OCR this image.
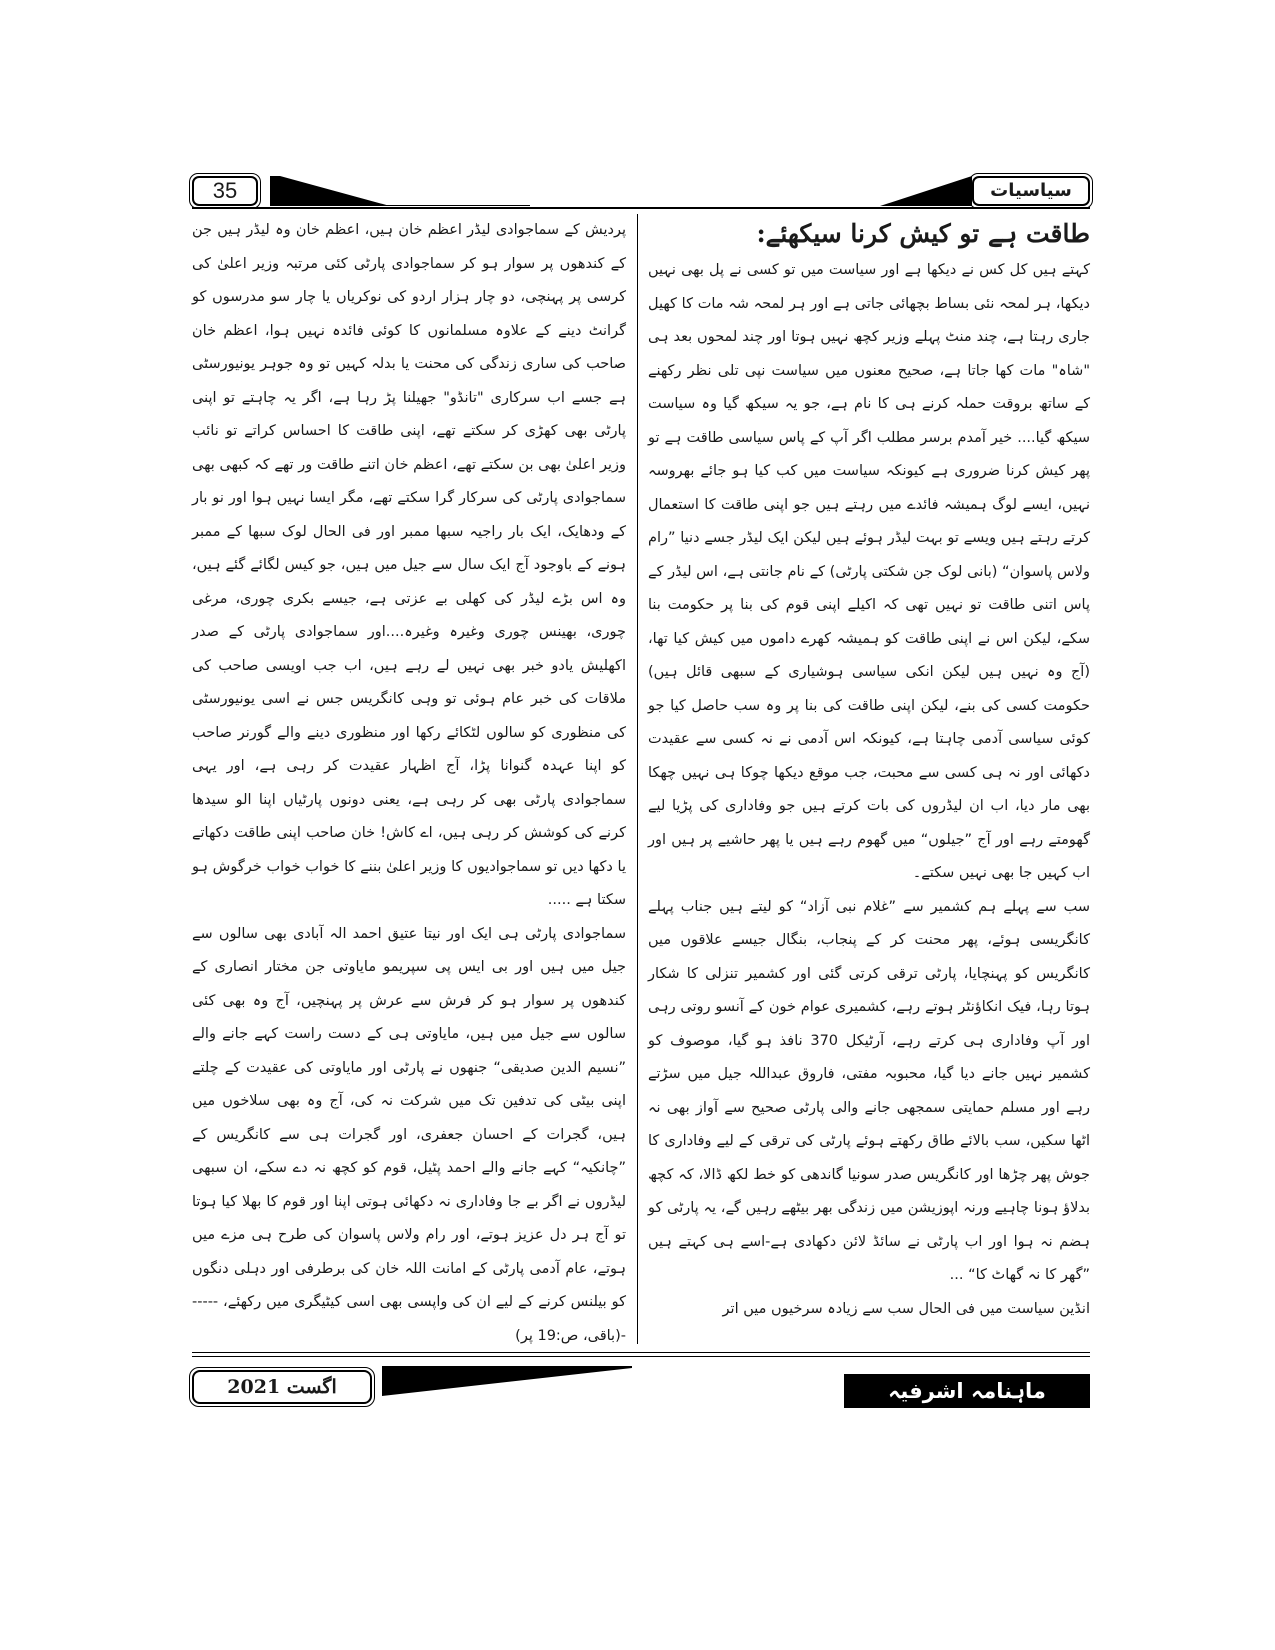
35	سیاسیات

طاقت ہے تو کیش کرنا سیکھئے:

کہتے ہیں کل کس نے دیکھا ہے اور سیاست میں تو کسی نے پل بھی نہیں دیکھا، ہر لمحہ نئی بساط بچھائی جاتی ہے اور ہر لمحہ شہ مات کا کھیل جاری رہتا ہے، چند منٹ پہلے وزیر کچھ نہیں ہوتا اور چند لمحوں بعد ہی "شاہ" مات کھا جاتا ہے، صحیح معنوں میں سیاست نپی تلی نظر رکھنے کے ساتھ بروقت حملہ کرنے ہی کا نام ہے، جو یہ سیکھ گیا وہ سیاست سیکھ گیا.... خیر آمدم برسر مطلب اگر آپ کے پاس سیاسی طاقت ہے تو پھر کیش کرنا ضروری ہے کیونکہ سیاست میں کب کیا ہو جائے بھروسہ نہیں، ایسے لوگ ہمیشہ فائدے میں رہتے ہیں جو اپنی طاقت کا استعمال کرتے رہتے ہیں ویسے تو بہت لیڈر ہوئے ہیں لیکن ایک لیڈر جسے دنیا ”رام ولاس پاسوان“ (بانی لوک جن شکتی پارٹی) کے نام جانتی ہے، اس لیڈر کے پاس اتنی طاقت تو نہیں تھی کہ اکیلے اپنی قوم کی بنا پر حکومت بنا سکے، لیکن اس نے اپنی طاقت کو ہمیشہ کھرے داموں میں کیش کیا تھا،(آج وہ نہیں ہیں لیکن انکی سیاسی ہوشیاری کے سبھی قائل ہیں) حکومت کسی کی بنے، لیکن اپنی طاقت کی بنا پر وہ سب حاصل کیا جو کوئی سیاسی آدمی چاہتا ہے، کیونکہ اس آدمی نے نہ کسی سے عقیدت دکھائی اور نہ ہی کسی سے محبت، جب موقع دیکھا چوکا ہی نہیں چھکا بھی مار دیا، اب ان لیڈروں کی بات کرتے ہیں جو وفاداری کی پڑیا لیے گھومتے رہے اور آج ”جیلوں“ میں گھوم رہے ہیں یا پھر حاشیے پر ہیں اور اب کہیں جا بھی نہیں سکتے۔

سب سے پہلے ہم کشمیر سے ”غلام نبی آزاد“ کو لیتے ہیں جناب پہلے کانگریسی ہوئے، پھر محنت کر کے پنجاب، بنگال جیسے علاقوں میں کانگریس کو پہنچایا، پارٹی ترقی کرتی گئی اور کشمیر تنزلی کا شکار ہوتا رہا، فیک انکاؤنٹر ہوتے رہے، کشمیری عوام خون کے آنسو روتی رہی اور آپ وفاداری ہی کرتے رہے، آرٹیکل 370 نافذ ہو گیا، موصوف کو کشمیر نہیں جانے دیا گیا، محبوبہ مفتی، فاروق عبداللہ جیل میں سڑتے رہے اور مسلم حمایتی سمجھی جانے والی پارٹی صحیح سے آواز بھی نہ اٹھا سکیں، سب بالائے طاق رکھتے ہوئے پارٹی کی ترقی کے لیے وفاداری کا جوش پھر چڑھا اور کانگریس صدر سونیا گاندھی کو خط لکھ ڈالا، کہ کچھ بدلاؤ ہونا چاہیے ورنہ اپوزیشن میں زندگی بھر بیٹھے رہیں گے، یہ پارٹی کو ہضم نہ ہوا اور اب پارٹی نے سائڈ لائن دکھادی ہے-اسے ہی کہتے ہیں ”گھر کا نہ گھاٹ کا“ ...

انڈین سیاست میں فی الحال سب سے زیادہ سرخیوں میں اتر

پردیش کے سماجوادی لیڈر اعظم خان ہیں، اعظم خان وہ لیڈر ہیں جن کے کندھوں پر سوار ہو کر سماجوادی پارٹی کئی مرتبہ وزیر اعلیٰ کی کرسی پر پہنچی، دو چار ہزار اردو کی نوکریاں یا چار سو مدرسوں کو گرانٹ دینے کے علاوہ مسلمانوں کا کوئی فائدہ نہیں ہوا، اعظم خان صاحب کی ساری زندگی کی محنت یا بدلہ کہیں تو وہ جوہر یونیورسٹی ہے جسے اب سرکاری "تانڈو" جھیلنا پڑ رہا ہے، اگر یہ چاہتے تو اپنی پارٹی بھی کھڑی کر سکتے تھے، اپنی طاقت کا احساس کراتے تو نائب وزیر اعلیٰ بھی بن سکتے تھے، اعظم خان اتنے طاقت ور تھے کہ کبھی بھی سماجوادی پارٹی کی سرکار گرا سکتے تھے، مگر ایسا نہیں ہوا اور نو بار کے ودھایک، ایک بار راجیہ سبھا ممبر اور فی الحال لوک سبھا کے ممبر ہونے کے باوجود آج ایک سال سے جیل میں ہیں، جو کیس لگائے گئے ہیں، وہ اس بڑے لیڈر کی کھلی بے عزتی ہے، جیسے بکری چوری، مرغی چوری، بھینس چوری وغیرہ وغیرہ....اور سماجوادی پارٹی کے صدر اکھلیش یادو خبر بھی نہیں لے رہے ہیں، اب جب اویسی صاحب کی ملاقات کی خبر عام ہوئی تو وہی کانگریس جس نے اسی یونیورسٹی کی منظوری کو سالوں لٹکائے رکھا اور منظوری دینے والے گورنر صاحب کو اپنا عہدہ گنوانا پڑا، آج اظہار عقیدت کر رہی ہے، اور یہی سماجوادی پارٹی بھی کر رہی ہے، یعنی دونوں پارٹیاں اپنا الو سیدھا کرنے کی کوشش کر رہی ہیں، اے کاش! خان صاحب اپنی طاقت دکھاتے یا دکھا دیں تو سماجوادیوں کا وزیر اعلیٰ بننے کا خواب خواب خرگوش ہو سکتا ہے .....

سماجوادی پارٹی ہی ایک اور نیتا عتیق احمد الہ آبادی بھی سالوں سے جیل میں ہیں اور بی ایس پی سپریمو مایاوتی جن مختار انصاری کے کندھوں پر سوار ہو کر فرش سے عرش پر پہنچیں، آج وہ بھی کئی سالوں سے جیل میں ہیں، مایاوتی ہی کے دست راست کہے جانے والے ”نسیم الدین صدیقی“ جنھوں نے پارٹی اور مایاوتی کی عقیدت کے چلتے اپنی بیٹی کی تدفین تک میں شرکت نہ کی، آج وہ بھی سلاخوں میں ہیں، گجرات کے احسان جعفری، اور گجرات ہی سے کانگریس کے ”چانکیہ“ کہے جانے والے احمد پٹیل، قوم کو کچھ نہ دے سکے، ان سبھی لیڈروں نے اگر بے جا وفاداری نہ دکھائی ہوتی اپنا اور قوم کا بھلا کیا ہوتا تو آج ہر دل عزیز ہوتے، اور رام ولاس پاسوان کی طرح ہی مزے میں ہوتے، عام آدمی پارٹی کے امانت اللہ خان کی برطرفی اور دہلی دنگوں کو بیلنس کرنے کے لیے ان کی واپسی بھی اسی کیٹیگری میں رکھئے، ------(باقی، ص:19 پر)

اگست 2021	ماہنامہ اشرفیہ
